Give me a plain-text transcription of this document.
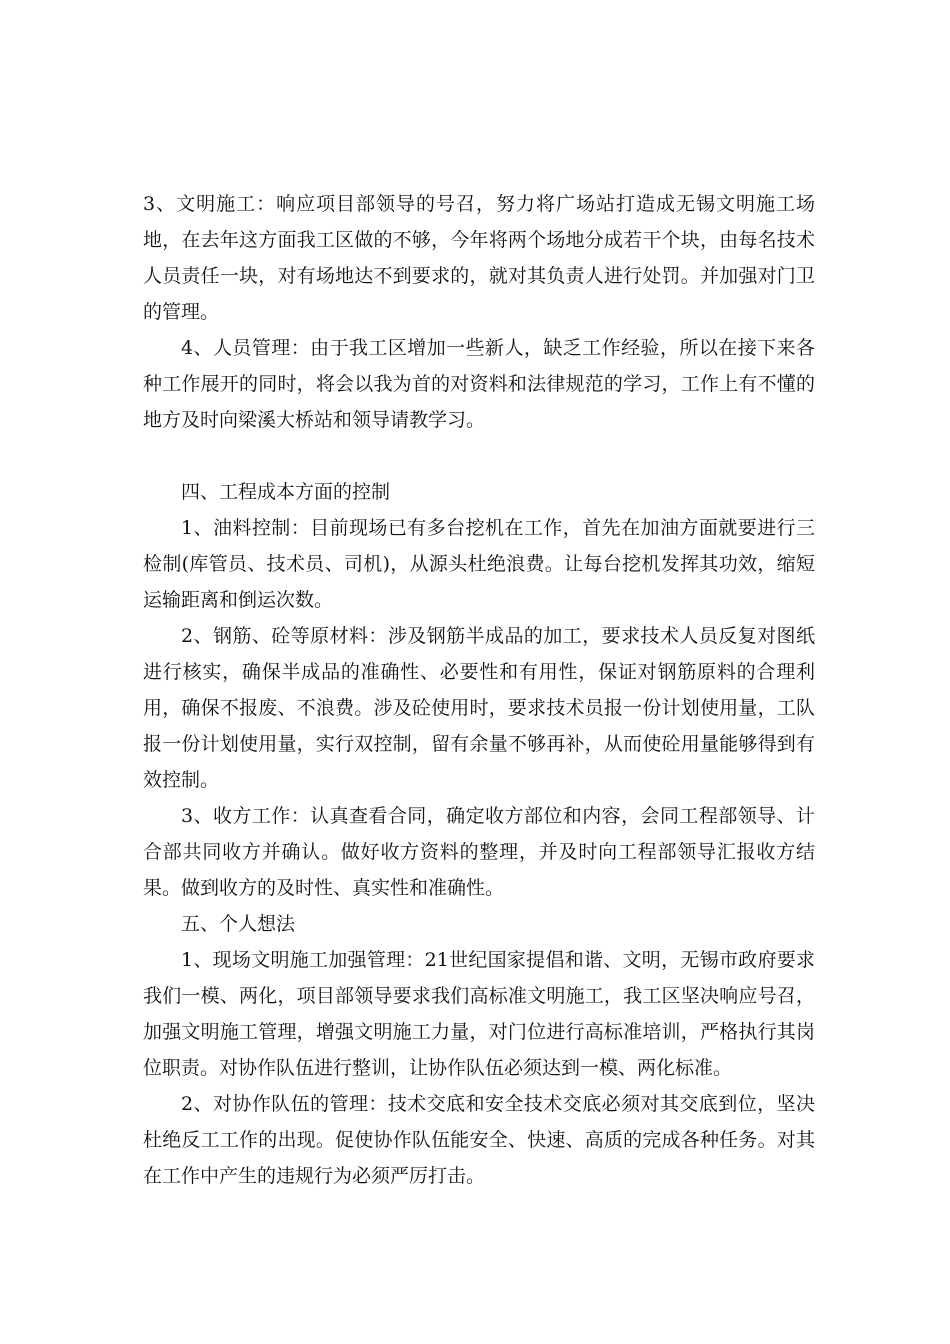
3、文明施工：响应项目部领导的号召，努力将广场站打造成无锡文明施工场地，在去年这方面我工区做的不够，今年将两个场地分成若干个块，由每名技术人员责任一块，对有场地达不到要求的，就对其负责人进行处罚。并加强对门卫的管理。

4、人员管理：由于我工区增加一些新人，缺乏工作经验，所以在接下来各种工作展开的同时，将会以我为首的对资料和法律规范的学习，工作上有不懂的地方及时向梁溪大桥站和领导请教学习。

四、工程成本方面的控制

1、油料控制：目前现场已有多台挖机在工作，首先在加油方面就要进行三检制(库管员、技术员、司机)，从源头杜绝浪费。让每台挖机发挥其功效，缩短运输距离和倒运次数。

2、钢筋、砼等原材料：涉及钢筋半成品的加工，要求技术人员反复对图纸进行核实，确保半成品的准确性、必要性和有用性，保证对钢筋原料的合理利用，确保不报废、不浪费。涉及砼使用时，要求技术员报一份计划使用量，工队报一份计划使用量，实行双控制，留有余量不够再补，从而使砼用量能够得到有效控制。

3、收方工作：认真查看合同，确定收方部位和内容，会同工程部领导、计合部共同收方并确认。做好收方资料的整理，并及时向工程部领导汇报收方结果。做到收方的及时性、真实性和准确性。

五、个人想法

1、现场文明施工加强管理：21世纪国家提倡和谐、文明，无锡市政府要求我们一模、两化，项目部领导要求我们高标准文明施工，我工区坚决响应号召，加强文明施工管理，增强文明施工力量，对门位进行高标准培训，严格执行其岗位职责。对协作队伍进行整训，让协作队伍必须达到一模、两化标准。

2、对协作队伍的管理：技术交底和安全技术交底必须对其交底到位，坚决杜绝反工工作的出现。促使协作队伍能安全、快速、高质的完成各种任务。对其在工作中产生的违规行为必须严厉打击。
